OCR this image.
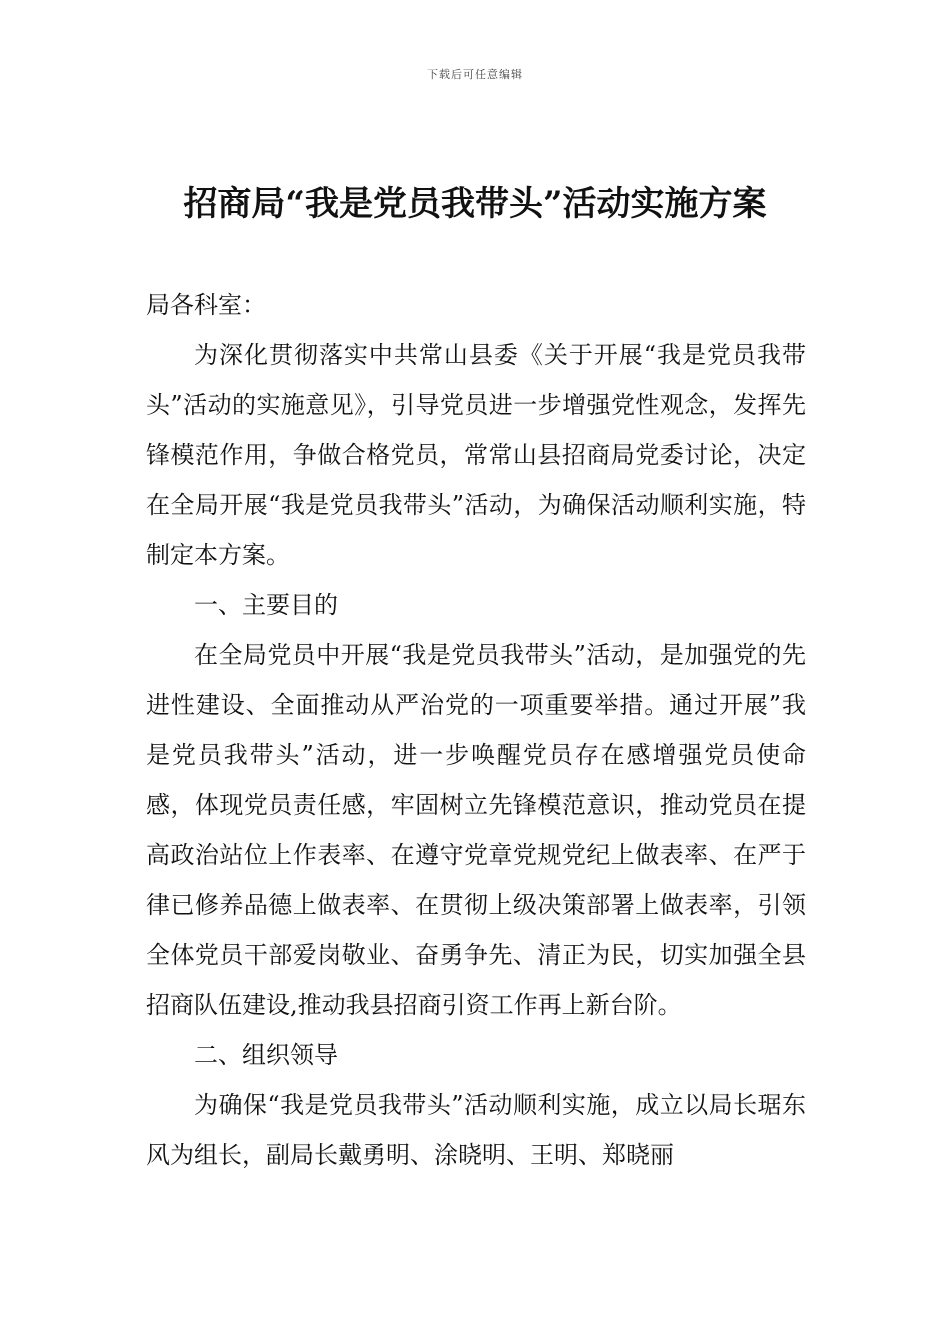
下载后可任意编辑
招商局“我是党员我带头”活动实施方案

局各科室：

为深化贯彻落实中共常山县委《关于开展“我是党员我带头”活动的实施意见》，引导党员进一步增强党性观念，发挥先锋模范作用，争做合格党员，常常山县招商局党委讨论，决定在全局开展“我是党员我带头”活动，为确保活动顺利实施，特制定本方案。

一、主要目的

在全局党员中开展“我是党员我带头”活动，是加强党的先进性建设、全面推动从严治党的一项重要举措。通过开展”我是党员我带头”活动，进一步唤醒党员存在感增强党员使命感，体现党员责任感，牢固树立先锋模范意识，推动党员在提高政治站位上作表率、在遵守党章党规党纪上做表率、在严于律已修养品德上做表率、在贯彻上级决策部署上做表率，引领全体党员干部爱岗敬业、奋勇争先、清正为民，切实加强全县招商队伍建设,推动我县招商引资工作再上新台阶。

二、组织领导

为确保“我是党员我带头”活动顺利实施，成立以局长琚东风为组长，副局长戴勇明、涂晓明、王明、郑晓丽
